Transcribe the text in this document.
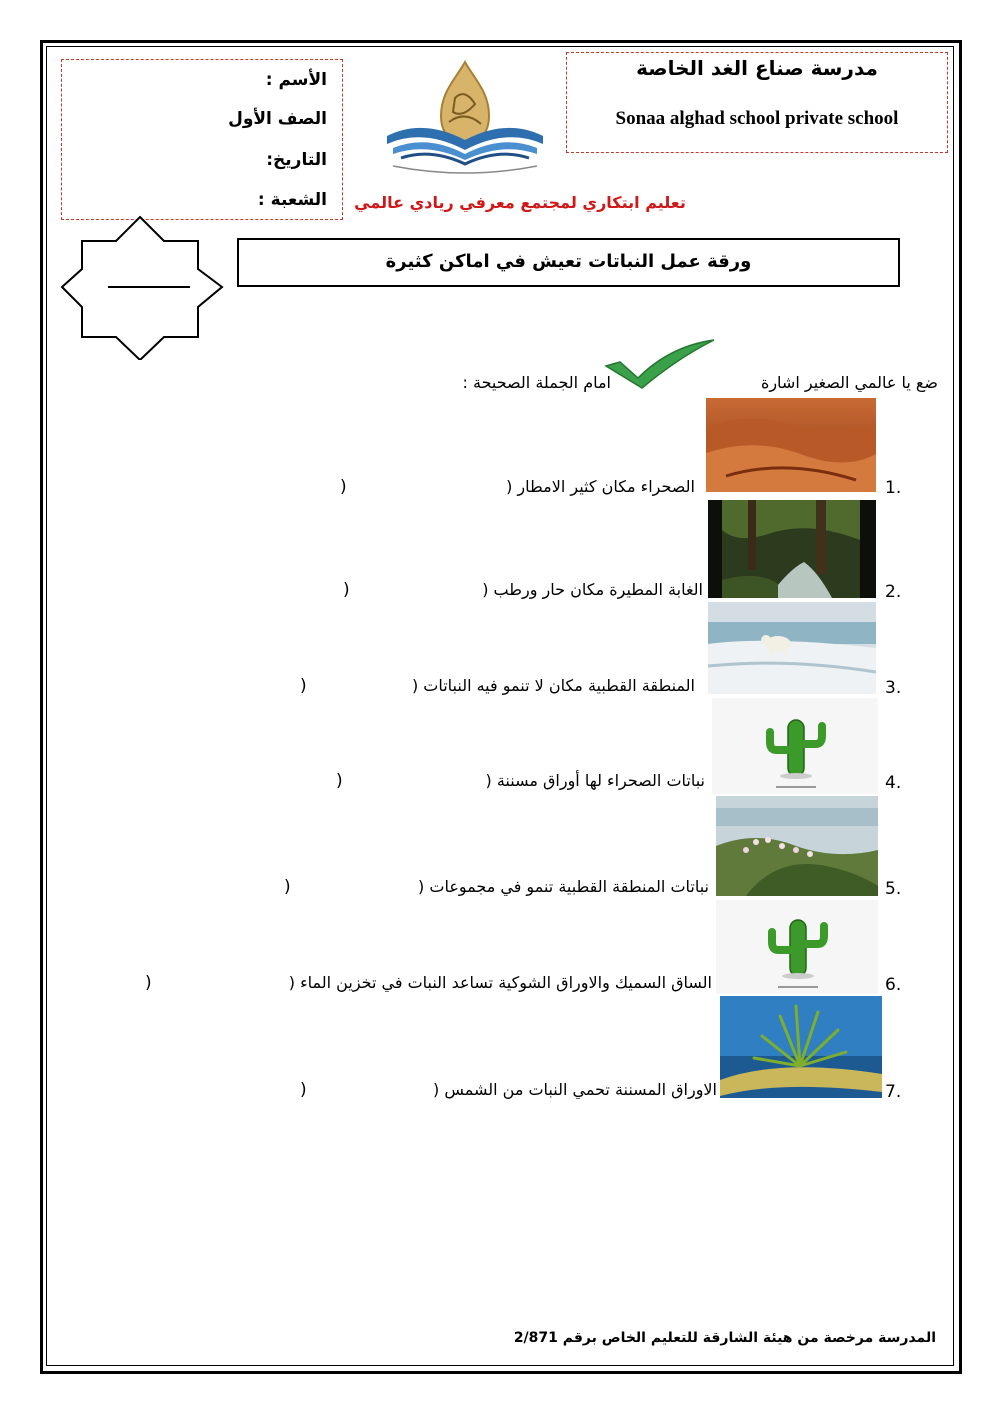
الأسم :
الصف الأول
التاريخ:
الشعبة :
مدرسة صناع الغد الخاصة
Sonaa alghad school private school
تعليم ابتكاري لمجتمع معرفي ريادي عالمي
ورقة عمل النباتات تعيش في اماكن كثيرة
ضع يا عالمي الصغير اشارة
امام الجملة الصحيحة :
1.
الصحراء مكان كثير الامطار (
)
2.
الغابة المطيرة مكان حار ورطب (
)
3.
المنطقة القطبية مكان لا تنمو فيه النباتات (
)
4.
نباتات الصحراء لها أوراق مسننة (
)
5.
نباتات المنطقة القطبية تنمو في مجموعات (
)
6.
الساق السميك والاوراق الشوكية تساعد النبات في تخزين الماء (
)
7.
الاوراق المسننة تحمي النبات من الشمس (
)
المدرسة مرخصة من هيئة الشارقة للتعليم الخاص برقم 2/871
